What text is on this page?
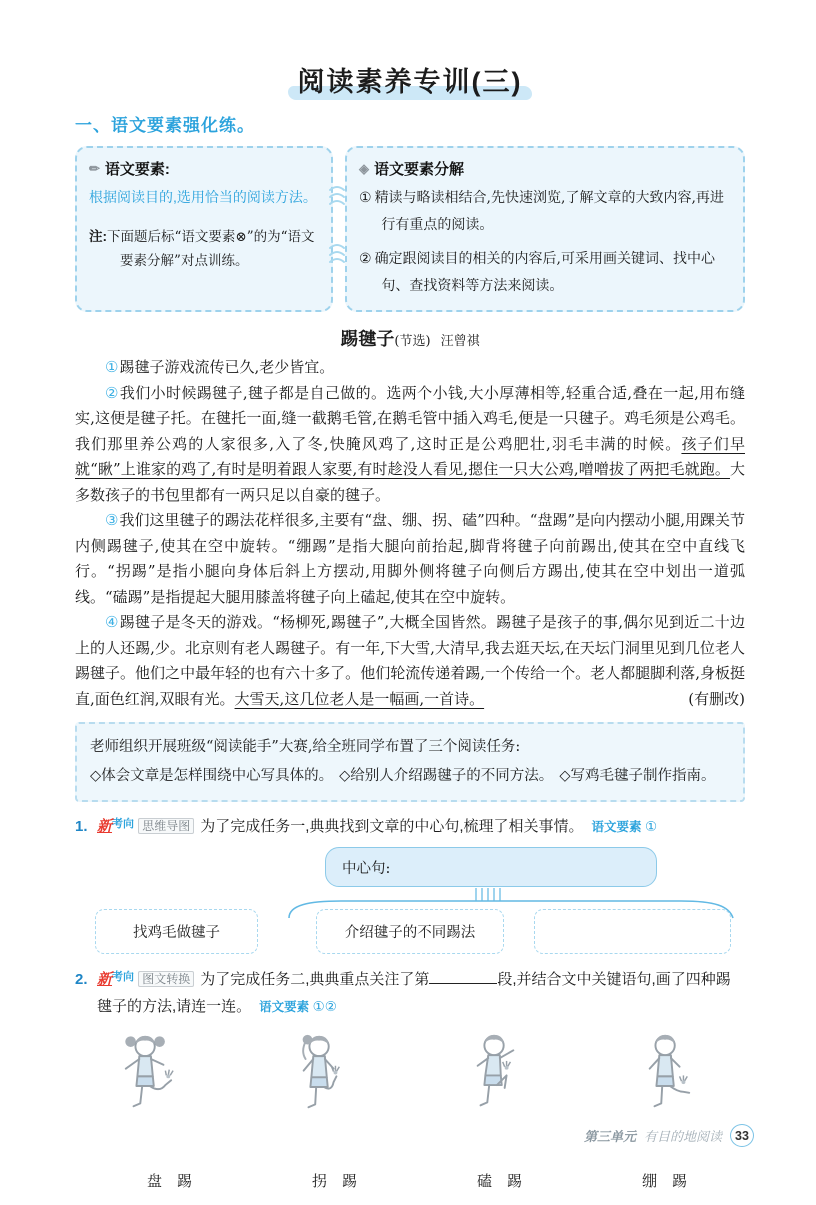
阅读素养专训(三)
一、语文要素强化练。
✏ 语文要素:
根据阅读目的,选用恰当的阅读方法。
注:下面题后标“语文要素⊗”的为“语文要素分解”对点训练。
◈ 语文要素分解
① 精读与略读相结合,先快速浏览,了解文章的大致内容,再进行有重点的阅读。
② 确定跟阅读目的相关的内容后,可采用画关键词、找中心句、查找资料等方法来阅读。
踢毽子(节选) 汪曾祺

①踢毽子游戏流传已久,老少皆宜。

②我们小时候踢毽子,毽子都是自己做的。选两个小钱,大小厚薄相等,轻重合适,叠在一起,用布缝实,这便是毽子托。在毽托一面,缝一截鹅毛管,在鹅毛管中插入鸡毛,便是一只毽子。鸡毛须是公鸡毛。我们那里养公鸡的人家很多,入了冬,快腌风鸡了,这时正是公鸡肥壮,羽毛丰满的时候。孩子们早就“瞅”上谁家的鸡了,有时是明着跟人家要,有时趁没人看见,摁住一只大公鸡,噌噌拔了两把毛就跑。大多数孩子的书包里都有一两只足以自豪的毽子。

③我们这里毽子的踢法花样很多,主要有“盘、绷、拐、磕”四种。“盘踢”是向内摆动小腿,用踝关节内侧踢毽子,使其在空中旋转。“绷踢”是指大腿向前抬起,脚背将毽子向前踢出,使其在空中直线飞行。“拐踢”是指小腿向身体后斜上方摆动,用脚外侧将毽子向侧后方踢出,使其在空中划出一道弧线。“磕踢”是指提起大腿用膝盖将毽子向上磕起,使其在空中旋转。

④踢毽子是冬天的游戏。“杨柳死,踢毽子”,大概全国皆然。踢毽子是孩子的事,偶尔见到近二十边上的人还踢,少。北京则有老人踢毽子。有一年,下大雪,大清早,我去逛天坛,在天坛门洞里见到几位老人踢毽子。他们之中最年轻的也有六十多了。他们轮流传递着踢,一个传给一个。老人都腿脚利落,身板挺直,面色红润,双眼有光。大雪天,这几位老人是一幅画,一首诗。	(有删改)

老师组织开展班级“阅读能手”大赛,给全班同学布置了三个阅读任务:
◇体会文章是怎样围绕中心写具体的。 ◇给别人介绍踢毽子的不同方法。 ◇写鸡毛毽子制作指南。
1. 新$^{考向}$ 思维导图 为了完成任务一,典典找到文章的中心句,梳理了相关事情。 语文要素 ①
中心句:
找鸡毛做毽子	介绍毽子的不同踢法
2. 新$^{考向}$ 图文转换 为了完成任务二,典典重点关注了第	段,并结合文中关键语句,画了四种踢毽子的方法,请连一连。 语文要素 ①②
盘　踢	拐　踢	磕　踢	绷　踢
第三单元 有目的地阅读	33
